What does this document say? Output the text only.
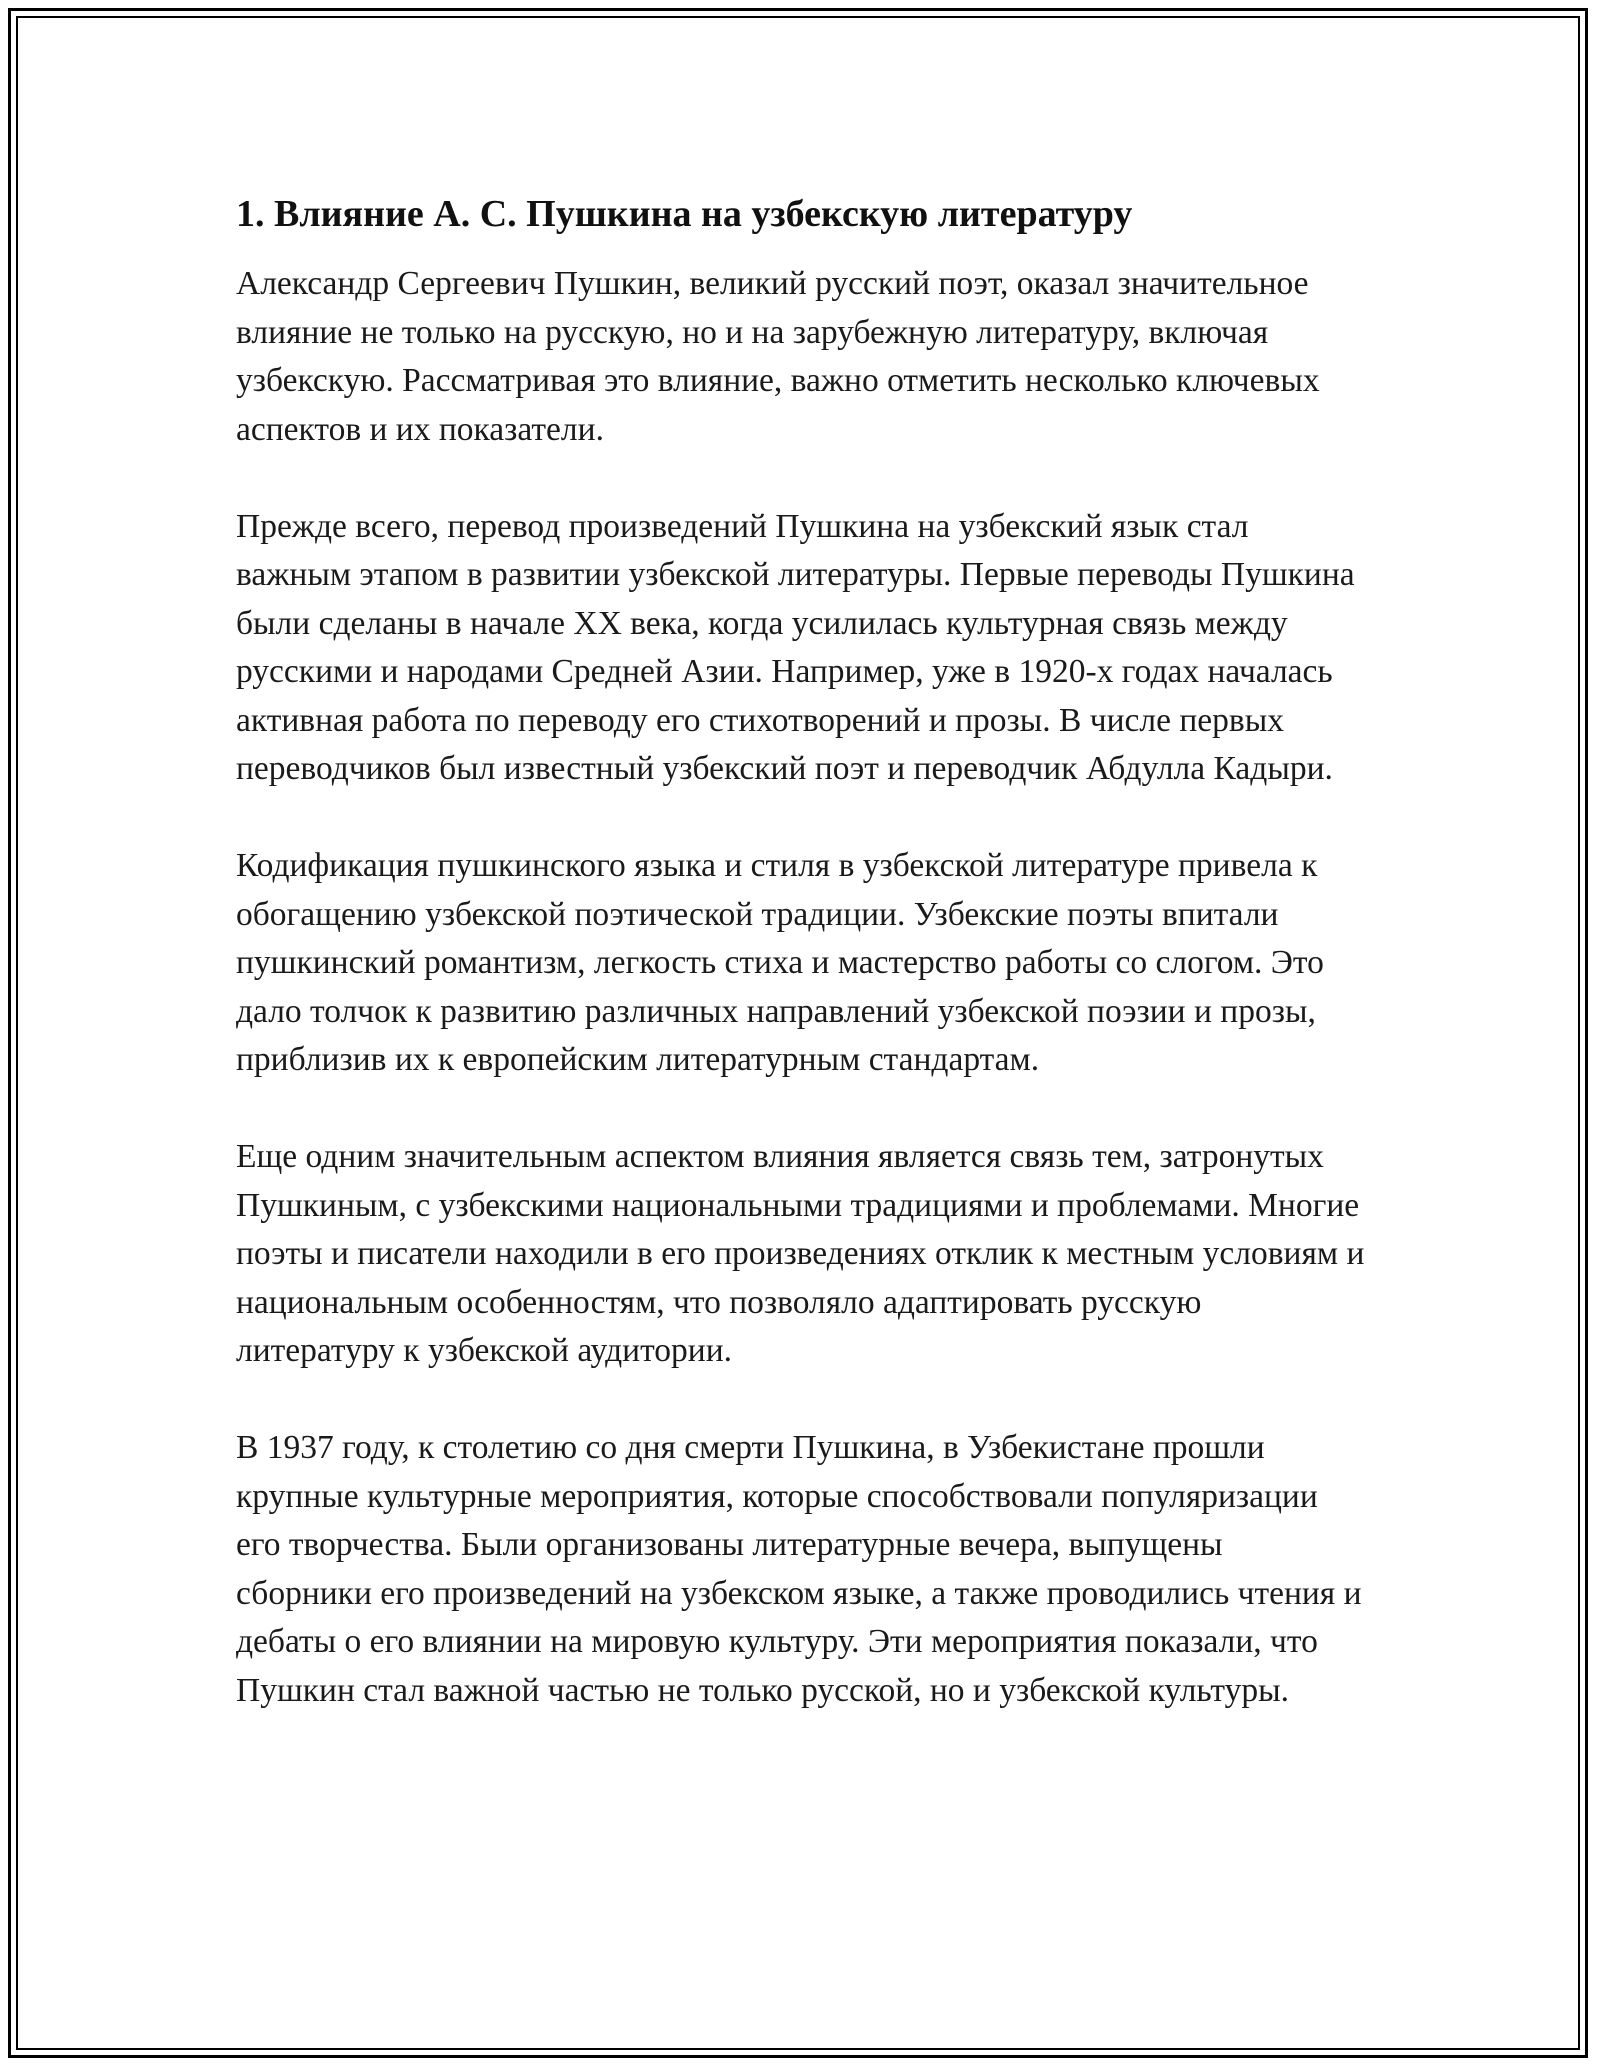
1. Влияние А. С. Пушкина на узбекскую литературу

Александр Сергеевич Пушкин, великий русский поэт, оказал значительное влияние не только на русскую, но и на зарубежную литературу, включая узбекскую. Рассматривая это влияние, важно отметить несколько ключевых аспектов и их показатели.

Прежде всего, перевод произведений Пушкина на узбекский язык стал важным этапом в развитии узбекской литературы. Первые переводы Пушкина были сделаны в начале XX века, когда усилилась культурная связь между русскими и народами Средней Азии. Например, уже в 1920-х годах началась активная работа по переводу его стихотворений и прозы. В числе первых переводчиков был известный узбекский поэт и переводчик Абдулла Кадыри.

Кодификация пушкинского языка и стиля в узбекской литературе привела к обогащению узбекской поэтической традиции. Узбекские поэты впитали пушкинский романтизм, легкость стиха и мастерство работы со слогом. Это дало толчок к развитию различных направлений узбекской поэзии и прозы, приблизив их к европейским литературным стандартам.

Еще одним значительным аспектом влияния является связь тем, затронутых Пушкиным, с узбекскими национальными традициями и проблемами. Многие поэты и писатели находили в его произведениях отклик к местным условиям и национальным особенностям, что позволяло адаптировать русскую литературу к узбекской аудитории.

В 1937 году, к столетию со дня смерти Пушкина, в Узбекистане прошли крупные культурные мероприятия, которые способствовали популяризации его творчества. Были организованы литературные вечера, выпущены сборники его произведений на узбекском языке, а также проводились чтения и дебаты о его влиянии на мировую культуру. Эти мероприятия показали, что Пушкин стал важной частью не только русской, но и узбекской культуры.
